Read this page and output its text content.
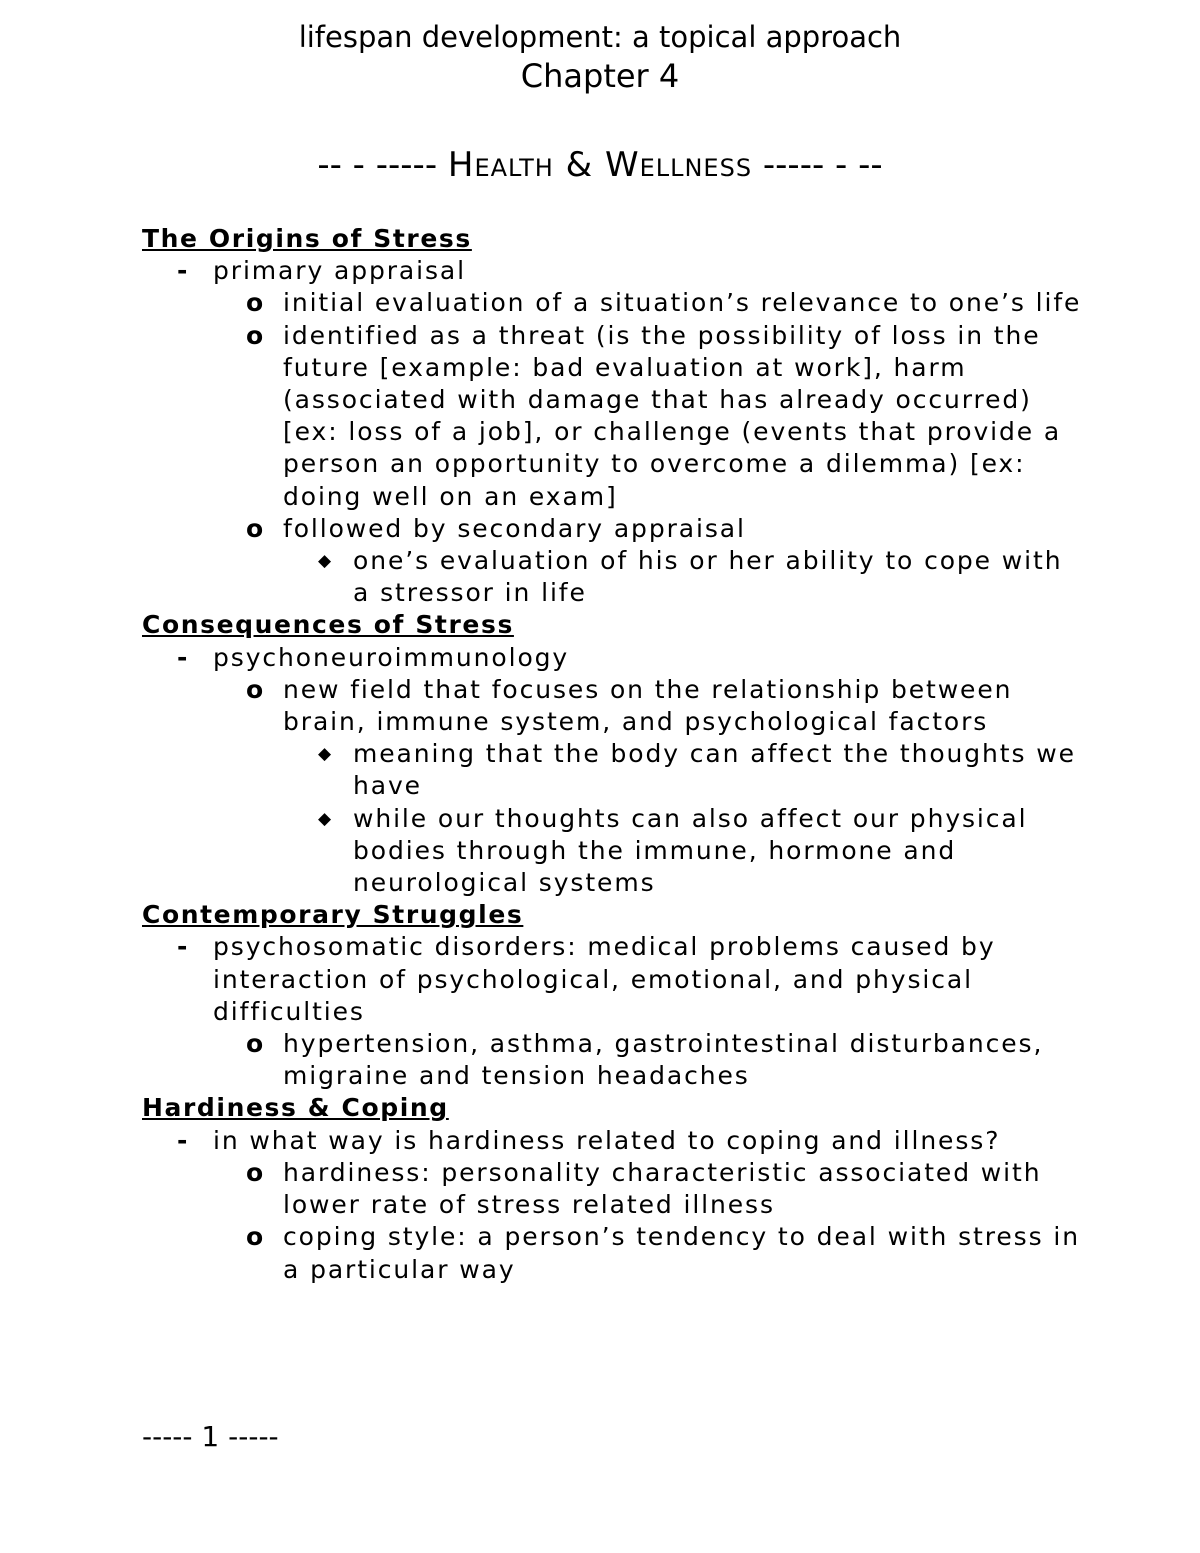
lifespan development: a topical approach
Chapter 4
-- - ----- Health & Wellness ----- - --
The Origins of Stress
- primary appraisal
o initial evaluation of a situation’s relevance to one’s life
o identified as a threat (is the possibility of loss in the future [example: bad evaluation at work], harm (associated with damage that has already occurred) [ex: loss of a job], or challenge (events that provide a person an opportunity to overcome a dilemma) [ex: doing well on an exam]
o followed by secondary appraisal
◆ one’s evaluation of his or her ability to cope with a stressor in life
Consequences of Stress
- psychoneuroimmunology
o new field that focuses on the relationship between brain, immune system, and psychological factors
◆ meaning that the body can affect the thoughts we have
◆ while our thoughts can also affect our physical bodies through the immune, hormone and neurological systems
Contemporary Struggles
- psychosomatic disorders: medical problems caused by interaction of psychological, emotional, and physical difficulties
o hypertension, asthma, gastrointestinal disturbances, migraine and tension headaches
Hardiness & Coping
- in what way is hardiness related to coping and illness?
o hardiness: personality characteristic associated with lower rate of stress related illness
o coping style: a person’s tendency to deal with stress in a particular way
----- 1 -----
